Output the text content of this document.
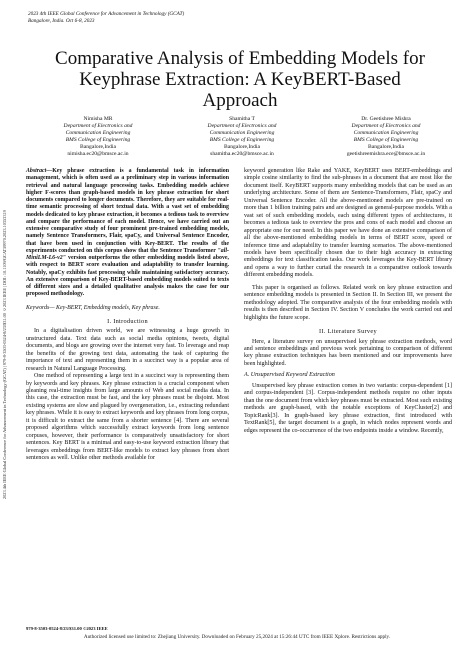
2023 4th IEEE Global Conference for Advancement in Technology (GCAT)
Bangalore, India. Oct 6-8, 2023
2023 4th IEEE Global Conference for Advancement in Technology (GCAT) | 979-8-3503-0524-8/23/$31.00 ©2023 IEEE | DOI: 10.1109/GCAT59970.2023.10353319
Comparative Analysis of Embedding Models for Keyphrase Extraction: A KeyBERT-Based Approach
Nimisha MR
Department of Electronics and
Communication Engineering
BMS College of Engineering
Bangalore,India
nimisha.ec20@bmsce.ac.in
Shamitha T
Department of Electronics and
Communication Engineering
BMS College of Engineering
Bangalore,India
shamitha.ec20@bmsce.ac.in
Dr. Geetishree Mishra
Department of Electronics and
Communication Engineering
BMS College of Engineering
Bangalore,India
geetishreemishra.ece@bmsce.ac.in

Abstract—Key phrase extraction is a fundamental task in information management, which is often used as a preliminary step in various information retrieval and natural language processing tasks. Embedding models achieve higher F-scores than graph-based models in key phrase extraction for short documents compared to longer documents. Therefore, they are suitable for real-time semantic processing of short textual data. With a vast set of embedding models dedicated to key phrase extraction, it becomes a tedious task to overview and compare the performance of each model. Hence, we have carried out an extensive comparative study of four prominent pre-trained embedding models, namely Sentence Transformers, Flair, spaCy, and Universal Sentence Encoder, that have been used in conjunction with Key-BERT. The results of the experiments conducted on this corpus show that the Sentence Transformer "all-MiniLM-L6-v2" version outperforms the other embedding models listed above, with respect to BERT score evaluation and adaptability to transfer learning. Notably, spaCy exhibits fast processing while maintaining satisfactory accuracy. An extensive comparison of Key-BERT-based embedding models suited to texts of different sizes and a detailed qualitative analysis makes the case for our proposed methodology.

Keywords— Key-BERT, Embedding models, Key phrase.

I. Introduction

In a digitalisation driven world, we are witnessing a huge growth in unstructured data. Text data such as social media opinions, tweets, digital documents, and blogs are growing over the internet very fast. To leverage and reap the benefits of the growing text data, automating the task of capturing the importance of text and representing them in a succinct way is a popular area of research in Natural Language Processing.

One method of representing a large text in a succinct way is representing them by keywords and key phrases. Key phrase extraction is a crucial component when gleaning real-time insights from large amounts of Web and social media data. In this case, the extraction must be fast, and the key phrases must be disjoint. Most existing systems are slow and plagued by overgeneration, i.e., extracting redundant key phrases. While it is easy to extract keywords and key phrases from long corpus, it is difficult to extract the same from a shorter sentence [4]. There are several proposed algorithms which successfully extract keywords from long sentence corpuses, however, their performance is comparatively unsatisfactory for short sentences. Key BERT is a minimal and easy-to-use keyword extraction library that leverages embeddings from BERT-like models to extract key phrases from short sentences as well. Unlike other methods available for

keyword generation like Rake and YAKE, KeyBERT uses BERT-embeddings and simple cosine similarity to find the sub-phrases in a document that are most like the document itself. KeyBERT supports many embedding models that can be used as an underlying architecture. Some of them are Sentence-Transformers, Flair, spaCy and Universal Sentence Encoder. All the above-mentioned models are pre-trained on more than 1 billion training pairs and are designed as general-purpose models. With a vast set of such embedding models, each using different types of architectures, it becomes a tedious task to overview the pros and cons of each model and choose an appropriate one for our need. In this paper we have done an extensive comparison of all the above-mentioned embedding models in terms of BERT score, speed or inference time and adaptability to transfer learning scenarios. The above-mentioned models have been specifically chosen due to their high accuracy in extracting embeddings for text classification tasks. Our work leverages the Key-BERT library and opens a way to further curtail the research in a comparative outlook towards different embedding models.

This paper is organised as follows. Related work on key phrase extraction and sentence embedding models is presented in Section II. In Section III, we present the methodology adopted. The comparative analysis of the four embedding models with results is then described in Section IV. Section V concludes the work carried out and highlights the future scope.

II. Literature Survey

Here, a literature survey on unsupervised key phrase extraction methods, word and sentence embeddings and previous work pertaining to comparison of different key phrase extraction techniques has been mentioned and our improvements have been highlighted.

A. Unsupervised Keyword Extraction

Unsupervised key phrase extraction comes in two variants: corpus-dependent [1] and corpus-independent [3]. Corpus-independent methods require no other inputs than the one document from which key phrases must be extracted. Most such existing methods are graph-based, with the notable exceptions of KeyCluster[2] and TopicRank[3]. In graph-based key phrase extraction, first introduced with TextRank[5], the target document is a graph, in which nodes represent words and edges represent the co-occurrence of the two endpoints inside a window. Recently,

979-8-3503-0524-8/23/$31.00 ©2023 IEEE
Authorized licensed use limited to: Zhejiang University. Downloaded on February 25,2024 at 15:26:44 UTC from IEEE Xplore. Restrictions apply.
